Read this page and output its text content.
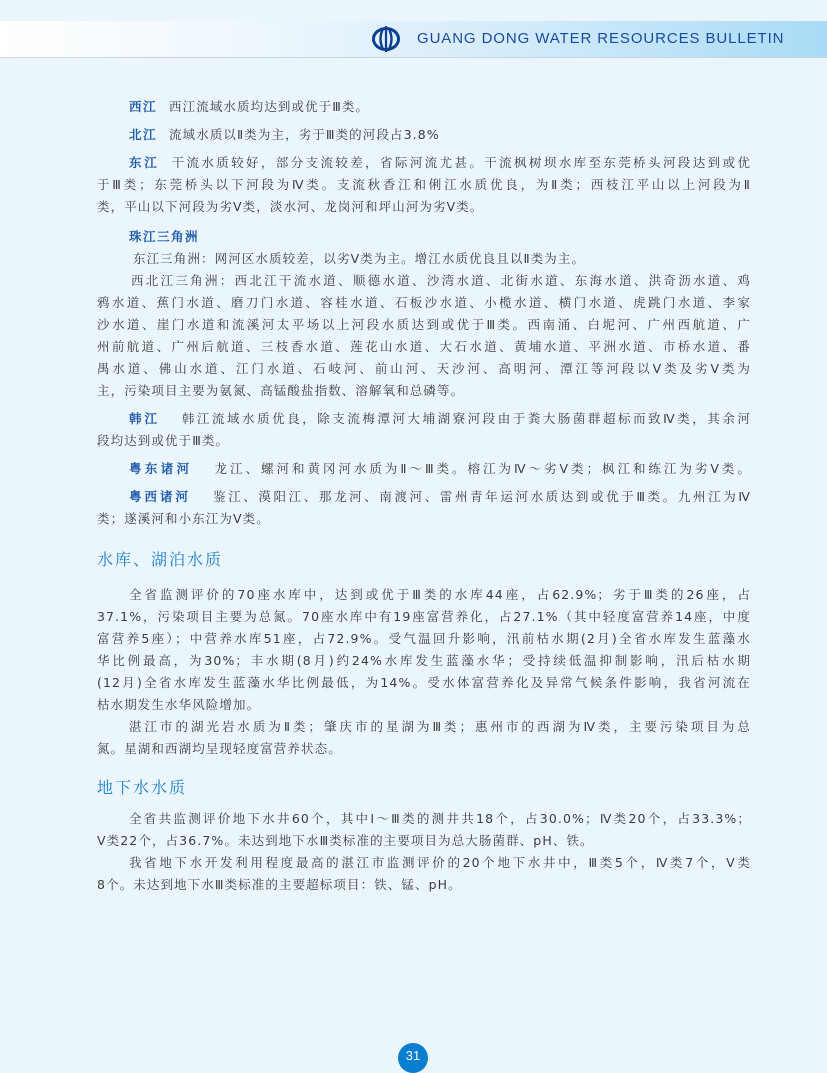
GUANG DONG WATER RESOURCES BULLETIN
西江 西江流域水质均达到或优于Ⅲ类。
北江 流域水质以Ⅱ类为主，劣于Ⅲ类的河段占3.8%
东江 干流水质较好，部分支流较差，省际河流尤甚。干流枫树坝水库至东莞桥头河段达到或优
于Ⅲ类；东莞桥头以下河段为Ⅳ类。支流秋香江和俐江水质优良，为Ⅱ类；西枝江平山以上河段为Ⅱ
类，平山以下河段为劣Ⅴ类，淡水河、龙岗河和坪山河为劣Ⅴ类。
珠江三角洲
东江三角洲：网河区水质较差，以劣Ⅴ类为主。增江水质优良且以Ⅱ类为主。
西北江三角洲：西北江干流水道、顺德水道、沙湾水道、北街水道、东海水道、洪奇沥水道、鸡
鸦水道、蕉门水道、磨刀门水道、容桂水道、石板沙水道、小榄水道、横门水道、虎跳门水道、李家
沙水道、崖门水道和流溪河太平场以上河段水质达到或优于Ⅲ类。西南涌、白坭河、广州西航道、广
州前航道、广州后航道、三枝香水道、莲花山水道、大石水道、黄埔水道、平洲水道、市桥水道、番
禺水道、佛山水道、江门水道、石岐河、前山河、天沙河、高明河、潭江等河段以Ⅴ类及劣Ⅴ类为
主，污染项目主要为氨氮、高锰酸盐指数、溶解氧和总磷等。
韩江 韩江流域水质优良，除支流梅潭河大埔湖寮河段由于粪大肠菌群超标而致Ⅳ类，其余河
段均达到或优于Ⅲ类。
粤东诸河 龙江、螺河和黄冈河水质为Ⅱ～Ⅲ类。榕江为Ⅳ～劣Ⅴ类；枫江和练江为劣Ⅴ类。
粤西诸河 鉴江、漠阳江、那龙河、南渡河、雷州青年运河水质达到或优于Ⅲ类。九州江为Ⅳ
类；遂溪河和小东江为Ⅴ类。
水库、湖泊水质
全省监测评价的70座水库中，达到或优于Ⅲ类的水库44座，占62.9%；劣于Ⅲ类的26座，占
37.1%，污染项目主要为总氮。70座水库中有19座富营养化，占27.1%（其中轻度富营养14座，中度
富营养5座）；中营养水库51座，占72.9%。受气温回升影响，汛前枯水期(2月)全省水库发生蓝藻水
华比例最高，为30%；丰水期(8月)约24%水库发生蓝藻水华；受持续低温抑制影响，汛后枯水期
(12月)全省水库发生蓝藻水华比例最低，为14%。受水体富营养化及异常气候条件影响，我省河流在
枯水期发生水华风险增加。
湛江市的湖光岩水质为Ⅱ类；肇庆市的星湖为Ⅲ类；惠州市的西湖为Ⅳ类，主要污染项目为总
氮。星湖和西湖均呈现轻度富营养状态。
地下水水质
全省共监测评价地下水井60个，其中Ⅰ～Ⅲ类的测井共18个，占30.0%；Ⅳ类20个，占33.3%；
Ⅴ类22个，占36.7%。未达到地下水Ⅲ类标准的主要项目为总大肠菌群、pH、铁。
我省地下水开发利用程度最高的湛江市监测评价的20个地下水井中，Ⅲ类5个，Ⅳ类7个，Ⅴ类
8个。未达到地下水Ⅲ类标准的主要超标项目：铁、锰、pH。
31
